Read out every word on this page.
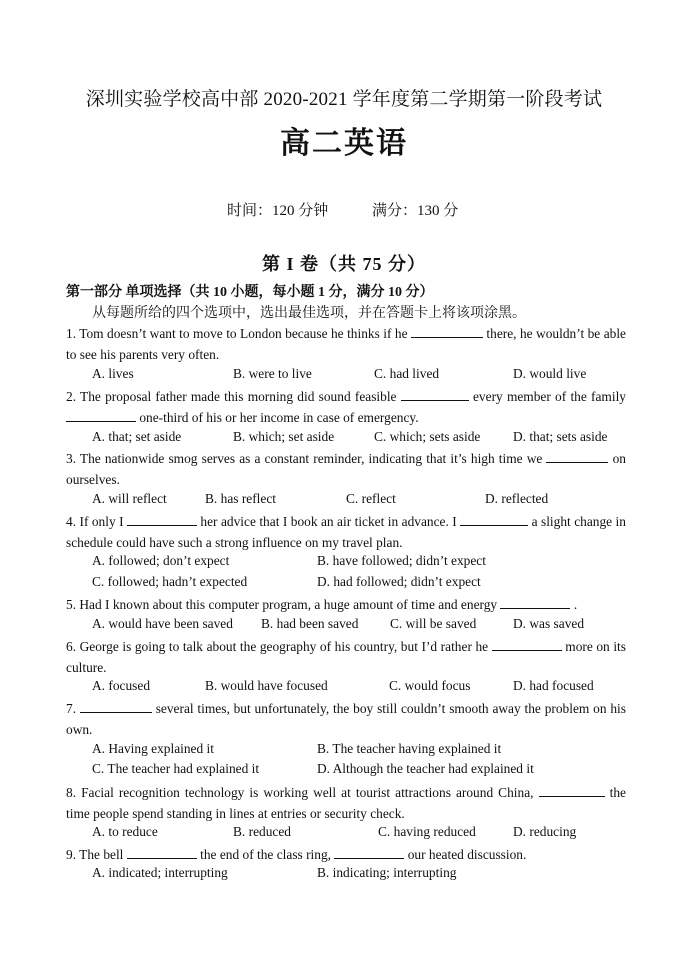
深圳实验学校高中部 2020-2021 学年度第二学期第一阶段考试
高二英语
时间：120 分钟	满分：130 分
第 I 卷（共 75 分）
第一部分 单项选择（共 10 小题，每小题 1 分，满分 10 分）
从每题所给的四个选项中，选出最佳选项，并在答题卡上将该项涂黑。
1. Tom doesn’t want to move to London because he thinks if he	there, he wouldn’t be able to see his parents very often.
A. lives	B. were to live	C. had lived	D. would live
2. The proposal father made this morning did sound feasible	every member of the family  one-third of his or her income in case of emergency.
A. that; set aside	B. which; set aside	C. which; sets aside D. that; sets aside
3. The nationwide smog serves as a constant reminder, indicating that it’s high time we	on ourselves.
A. will reflect	B. has reflect	C. reflect	D. reflected
4. If only I	her advice that I book an air ticket in advance. I	a slight change in schedule could have such a strong influence on my travel plan.
A. followed; don’t expect	B. have followed; didn’t expect
C. followed; hadn’t expected	D. had followed; didn’t expect
5. Had I known about this computer program, a huge amount of time and energy	.
A. would have been saved B. had been saved C. will be saved	D. was saved
6. George is going to talk about the geography of his country, but I’d rather he	more on its culture.
A. focused	B. would have focused	C. would focus	D. had focused
7.	several times, but unfortunately, the boy still couldn’t smooth away the problem on his own.
A. Having explained it	B. The teacher having explained it
C. The teacher had explained it	D. Although the teacher had explained it
8. Facial recognition technology is working well at tourist attractions around China,	the time people spend standing in lines at entries or security check.
A. to reduce	B. reduced	C. having reduced	D. reducing
9. The bell	the end of the class ring,	our heated discussion.
A. indicated; interrupting	B. indicating; interrupting
